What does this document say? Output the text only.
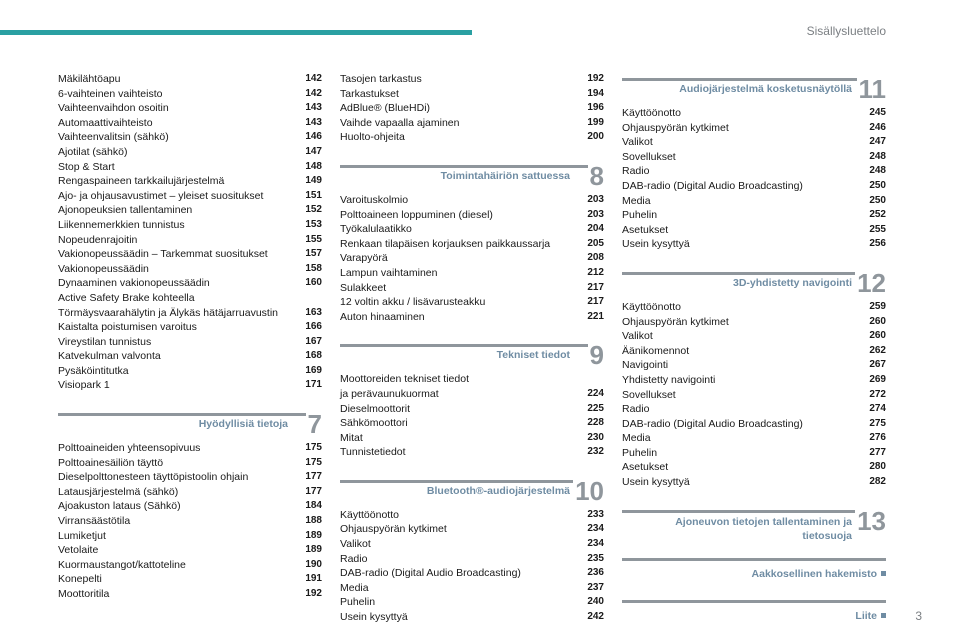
Sisällysluettelo
Mäkilähtöapu	142
6-vaihteinen vaihteisto	142
Vaihteenvaihdon osoitin	143
Automaattivaihteisto	143
Vaihteenvalitsin (sähkö)	146
Ajotilat (sähkö)	147
Stop & Start	148
Rengaspaineen tarkkailujärjestelmä	149
Ajo- ja ohjausavustimet – yleiset suositukset	151
Ajonopeuksien tallentaminen	152
Liikennemerkkien tunnistus	153
Nopeudenrajoitin	155
Vakionopeussäädin – Tarkemmat suositukset	157
Vakionopeussäädin	158
Dynaaminen vakionopeussäädin	160
Active Safety Brake kohteella
Törmäysvaarahälytin ja Älykäs hätäjarruavustin	163
Kaistalta poistumisen varoitus	166
Vireystilan tunnistus	167
Katvekulman valvonta	168
Pysäköintitutka	169
Visiopark 1	171
Hyödyllisiä tietoja 7
Polttoaineiden yhteensopivuus	175
Polttoainesäiliön täyttö	175
Dieselpolttonesteen täyttöpistoolin ohjain	177
Latausjärjestelmä (sähkö)	177
Ajoakuston lataus (Sähkö)	184
Virransäästötila	188
Lumiketjut	189
Vetolaite	189
Kuormaustangot/kattoteline	190
Konepelti	191
Moottoritila	192
Tasojen tarkastus	192
Tarkastukset	194
AdBlue® (BlueHDi)	196
Vaihde vapaalla ajaminen	199
Huolto-ohjeita	200
Toimintahäiriön sattuessa 8
Varoituskolmio	203
Polttoaineen loppuminen (diesel)	203
Työkalulaatikko	204
Renkaan tilapäisen korjauksen paikkaussarja	205
Varapyörä	208
Lampun vaihtaminen	212
Sulakkeet	217
12 voltin akku / lisävarusteakku	217
Auton hinaaminen	221
Tekniset tiedot 9
Moottoreiden tekniset tiedot
ja perävaunukuormat	224
Dieselmoottorit	225
Sähkömoottori	228
Mitat	230
Tunnistetiedot	232
Bluetooth®-audiojärjestelmä 10
Käyttöönotto	233
Ohjauspyörän kytkimet	234
Valikot	234
Radio	235
DAB-radio (Digital Audio Broadcasting)	236
Media	237
Puhelin	240
Usein kysyttyä	242
Audiojärjestelmä kosketusnäytöllä 11
Käyttöönotto	245
Ohjauspyörän kytkimet	246
Valikot	247
Sovellukset	248
Radio	248
DAB-radio (Digital Audio Broadcasting)	250
Media	250
Puhelin	252
Asetukset	255
Usein kysyttyä	256
3D-yhdistetty navigointi 12
Käyttöönotto	259
Ohjauspyörän kytkimet	260
Valikot	260
Äänikomennot	262
Navigointi	267
Yhdistetty navigointi	269
Sovellukset	272
Radio	274
DAB-radio (Digital Audio Broadcasting)	275
Media	276
Puhelin	277
Asetukset	280
Usein kysyttyä	282
Ajoneuvon tietojen tallentaminen ja tietosuoja 13
Aakkosellinen hakemisto
Liite	3
